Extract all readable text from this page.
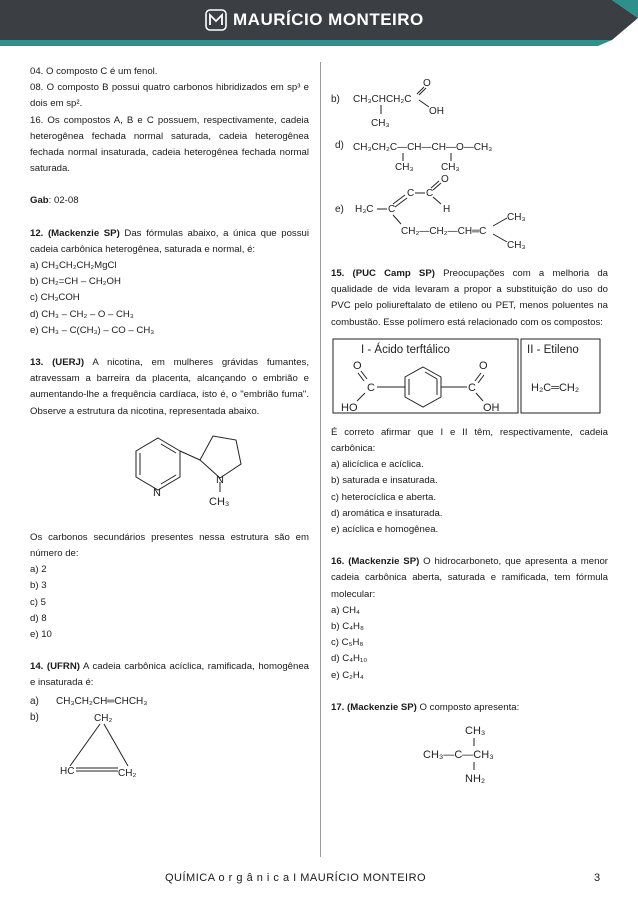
MAURÍCIO MONTEIRO

04. O composto C é um fenol.

08. O composto B possui quatro carbonos hibridizados em sp³ e dois em sp².

16. Os compostos A, B e C possuem, respectivamente, cadeia heterogênea fechada normal saturada, cadeia heterogênea fechada normal insaturada, cadeia heterogênea fechada normal saturada.

Gab: 02-08

12. (Mackenzie SP) Das fórmulas abaixo, a única que possui cadeia carbônica heterogênea, saturada e normal, é:

a) CH₃CH₂CH₂MgCl
b) CH₂=CH – CH₂OH
c) CH₃COH
d) CH₃ – CH₂ – O – CH₃
e) CH₃ – C(CH₃) – CO – CH₃

13. (UERJ) A nicotina, em mulheres grávidas fumantes, atravessam a barreira da placenta, alcançando o embrião e aumentando-lhe a frequência cardíaca, isto é, o "embrião fuma". Observe a estrutura da nicotina, representada abaixo.

N
N
CH₃

Os carbonos secundários presentes nessa estrutura são em número de:

a) 2
b) 3
c) 5
d) 8
e) 10

14. (UFRN) A cadeia carbônica acíclica, ramificada, homogênea e insaturada é:

a) CH₃CH₂CH═CHCH₃
b)	CH₂
HC	CH₂
b) CH₃CHCH₂C
O
OH
CH₃
d) CH₃CH₂C—CH—CH—O—CH₃
CH₃	CH₃
e) H₃C C
C C
O
H
CH₂—CH₂—CH═C
CH₃
CH₃

15. (PUC Camp SP) Preocupações com a melhoria da qualidade de vida levaram a propor a substituição do uso do PVC pelo poliureftalato de etileno ou PET, menos poluentes na combustão. Esse polímero está relacionado com os compostos:

I - Ácido terftálico	II - Etileno
C
O
HO
C
O
OH
H₂C═CH₂

É correto afirmar que I e II têm, respectivamente, cadeia carbônica:

a) alicíclica e acíclica.
b) saturada e insaturada.
c) heterocíclica e aberta.
d) aromática e insaturada.
e) acíclica e homogênea.

16. (Mackenzie SP) O hidrocarboneto, que apresenta a menor cadeia carbônica aberta, saturada e ramificada, tem fórmula molecular:

a) CH₄
b) C₄H₈
c) C₅H₈
d) C₄H₁₀
e) C₂H₄

17. (Mackenzie SP) O composto apresenta:

CH₃
CH₃—C—CH₃
NH₂
QUÍMICA o r g â n i c a I MAURÍCIO MONTEIRO	3
